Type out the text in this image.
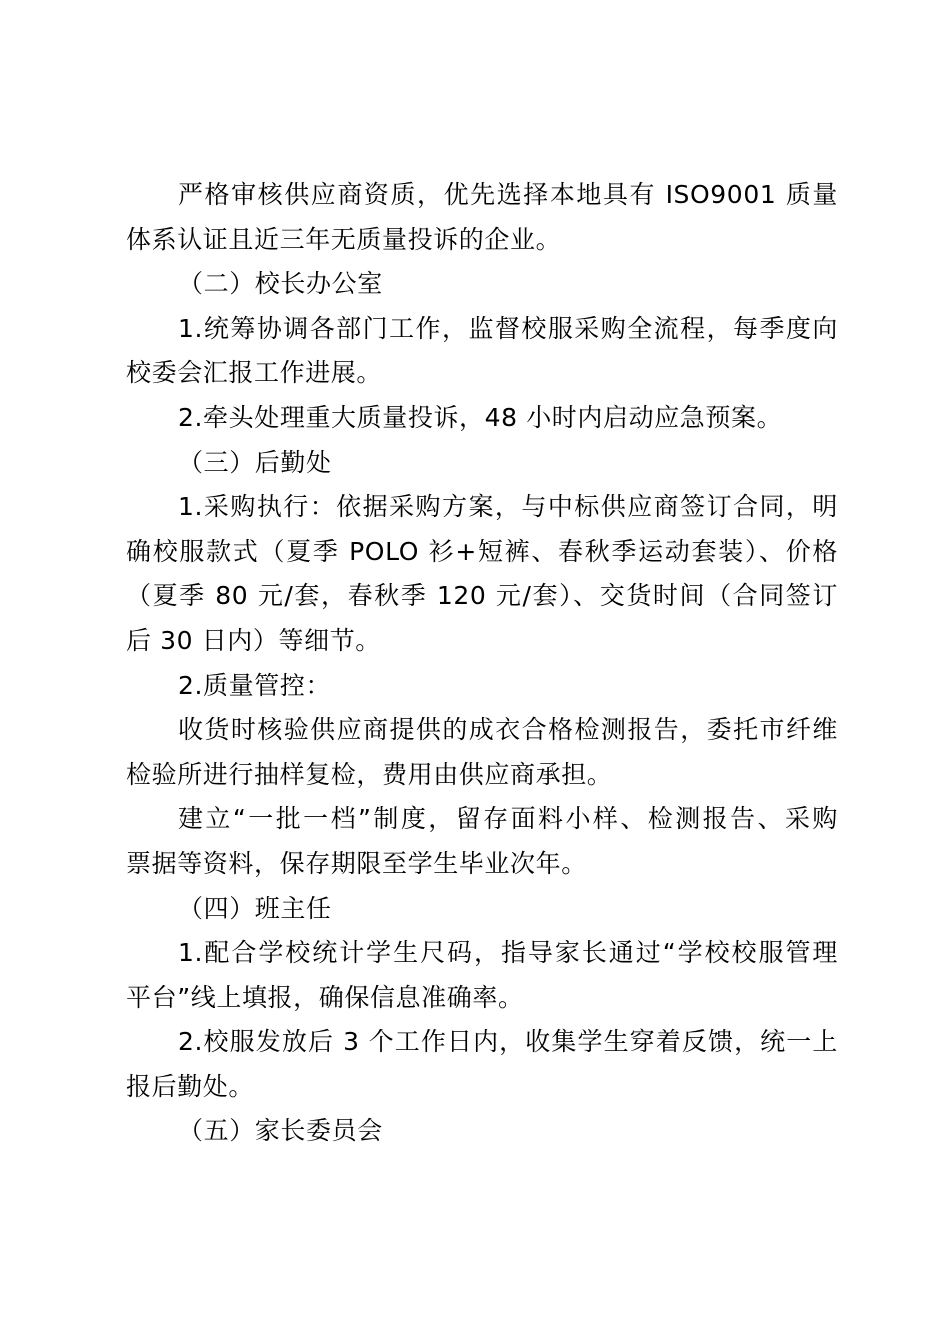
严格审核供应商资质，优先选择本地具有 ISO9001 质量
体系认证且近三年无质量投诉的企业。
（二）校长办公室
1.统筹协调各部门工作，监督校服采购全流程，每季度向
校委会汇报工作进展。
2.牵头处理重大质量投诉，48 小时内启动应急预案。
（三）后勤处
1.采购执行：依据采购方案，与中标供应商签订合同，明
确校服款式（夏季 POLO 衫+短裤、春秋季运动套装）、价格
（夏季 80 元/套，春秋季 120 元/套）、交货时间（合同签订
后 30 日内）等细节。
2.质量管控：
收货时核验供应商提供的成衣合格检测报告，委托市纤维
检验所进行抽样复检，费用由供应商承担。
建立“一批一档”制度，留存面料小样、检测报告、采购
票据等资料，保存期限至学生毕业次年。
（四）班主任
1.配合学校统计学生尺码，指导家长通过“学校校服管理
平台”线上填报，确保信息准确率。
2.校服发放后 3 个工作日内，收集学生穿着反馈，统一上
报后勤处。
（五）家长委员会
